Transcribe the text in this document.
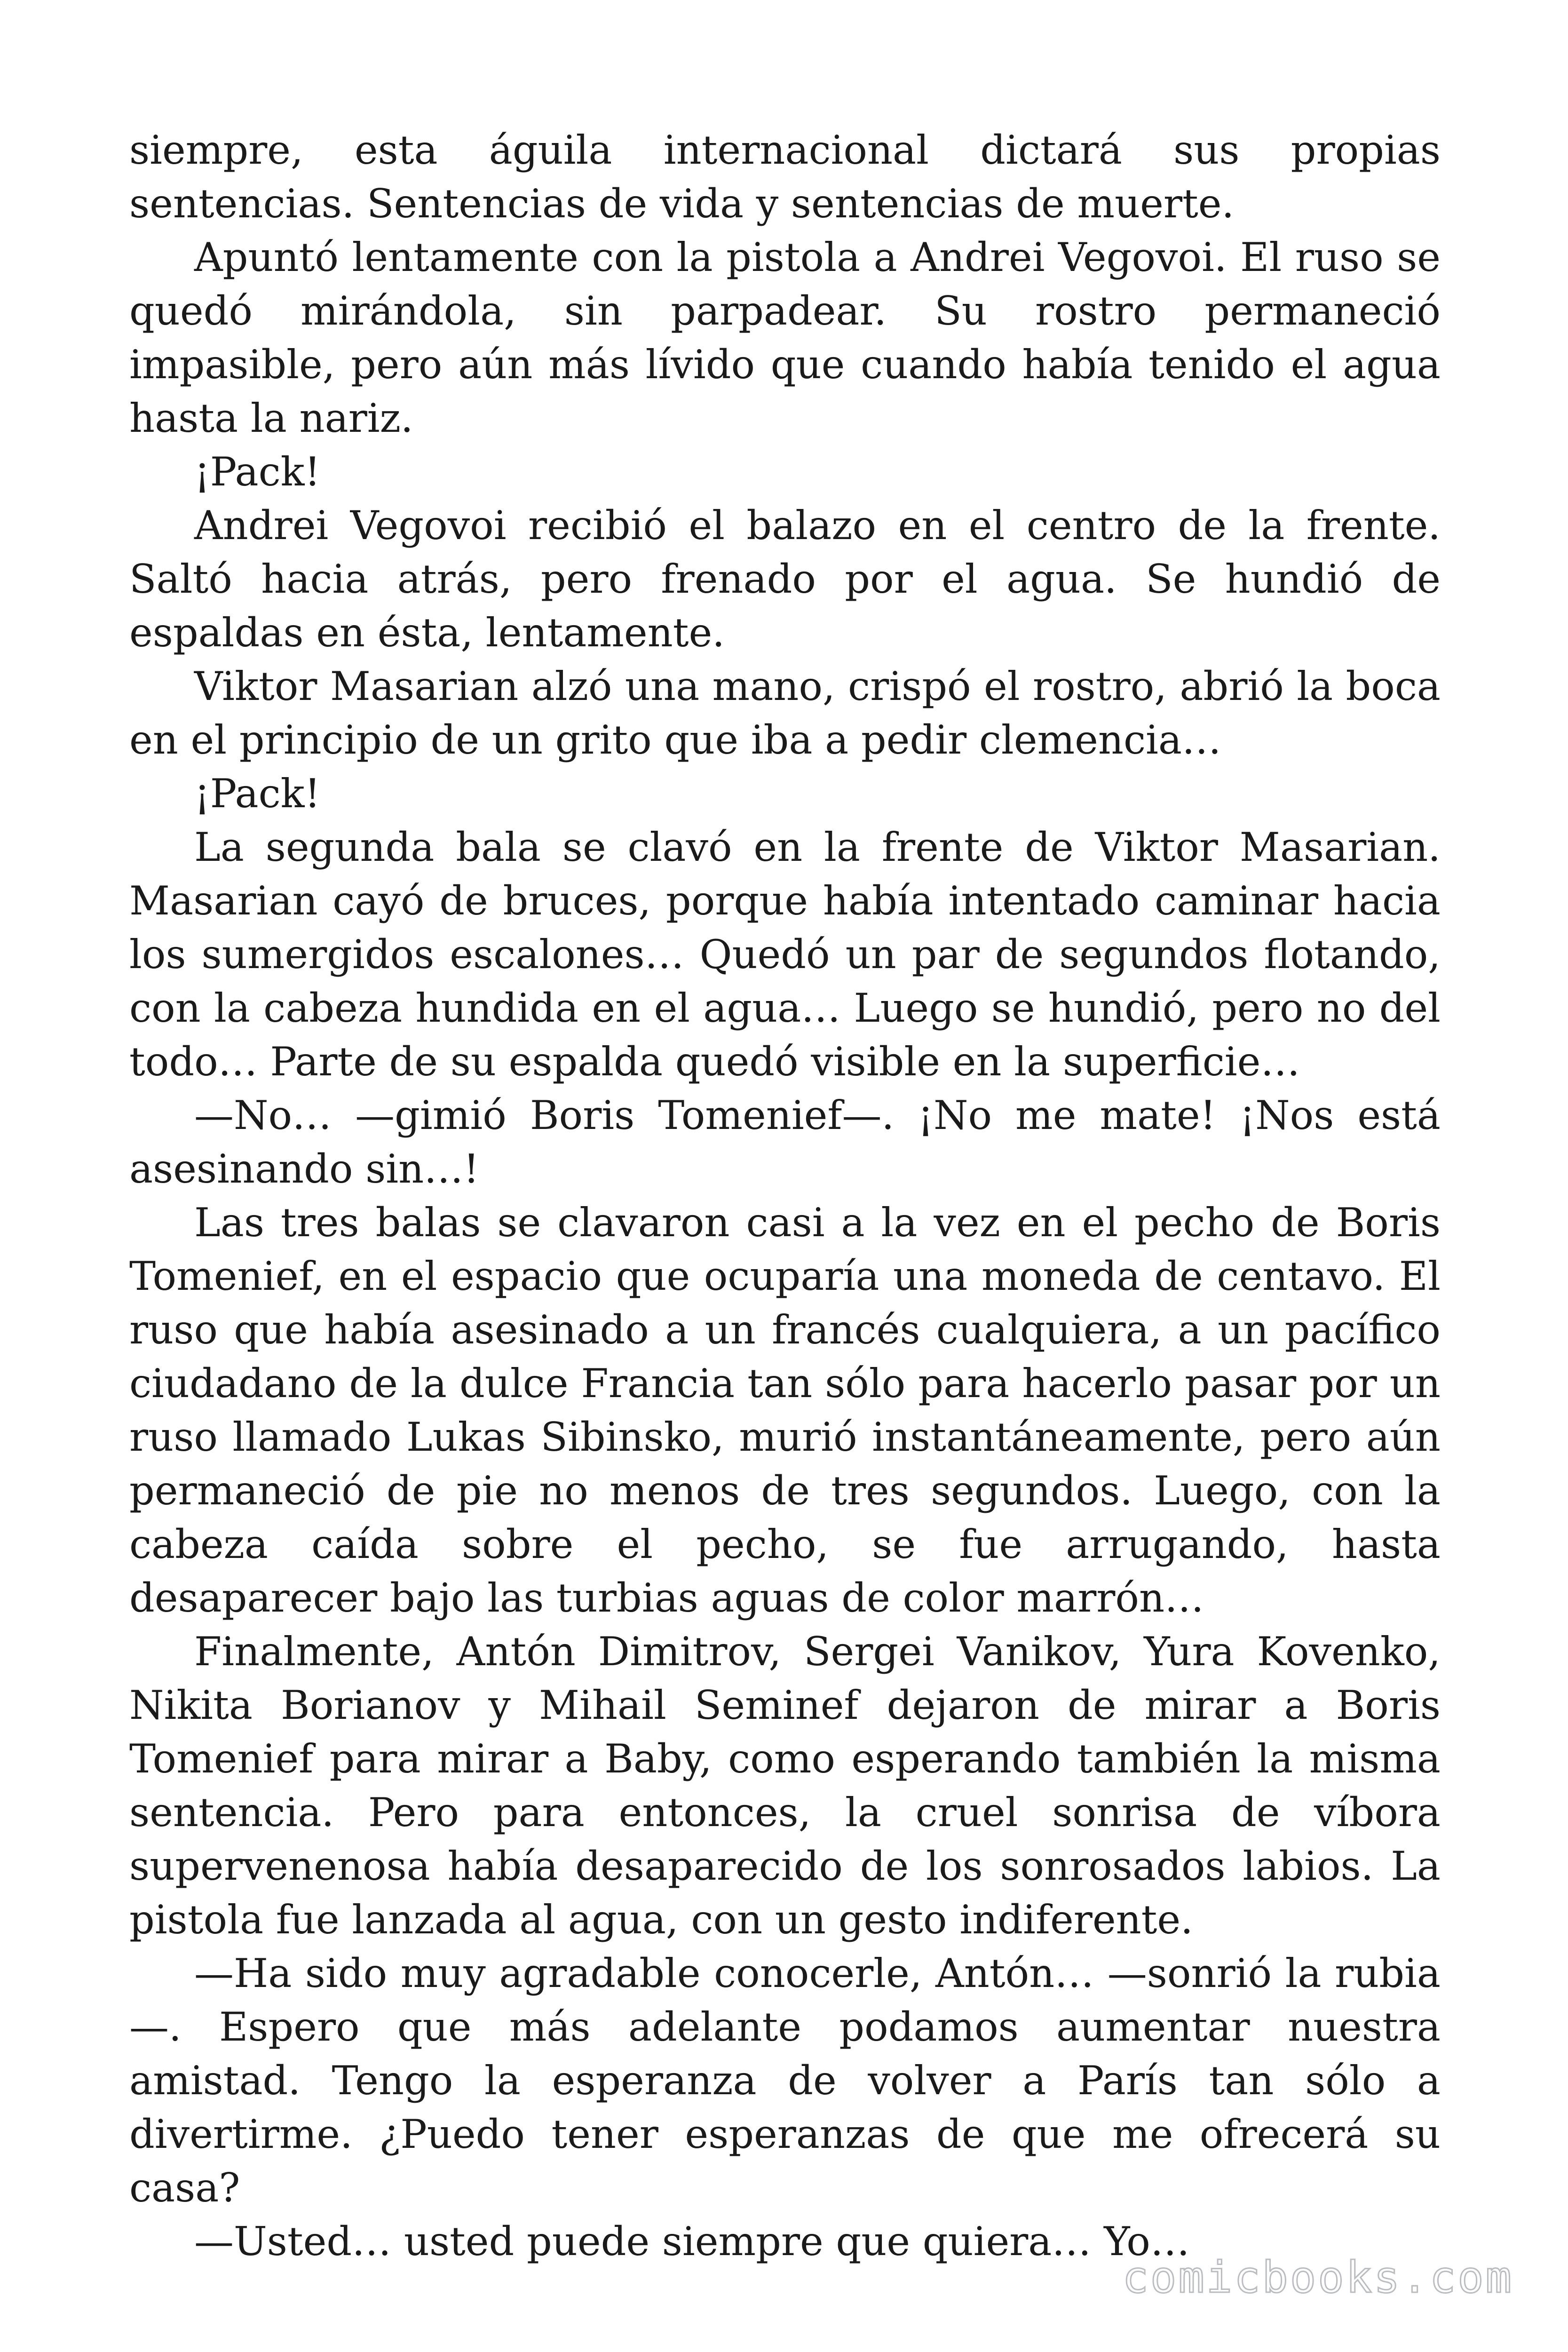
siempre, esta águila internacional dictará sus propias sentencias. Sentencias de vida y sentencias de muerte.

Apuntó lentamente con la pistola a Andrei Vegovoi. El ruso se quedó mirándola, sin parpadear. Su rostro permaneció impasible, pero aún más lívido que cuando había tenido el agua hasta la nariz.

¡Pack!

Andrei Vegovoi recibió el balazo en el centro de la frente. Saltó hacia atrás, pero frenado por el agua. Se hundió de espaldas en ésta, lentamente.

Viktor Masarian alzó una mano, crispó el rostro, abrió la boca en el principio de un grito que iba a pedir clemencia…

¡Pack!

La segunda bala se clavó en la frente de Viktor Masarian. Masarian cayó de bruces, porque había intentado caminar hacia los sumergidos escalones… Quedó un par de segundos flotando, con la cabeza hundida en el agua… Luego se hundió, pero no del todo… Parte de su espalda quedó visible en la superficie…

—No… —gimió Boris Tomenief—. ¡No me mate! ¡Nos está asesinando sin…!

Las tres balas se clavaron casi a la vez en el pecho de Boris Tomenief, en el espacio que ocuparía una moneda de centavo. El ruso que había asesinado a un francés cualquiera, a un pacífico ciudadano de la dulce Francia tan sólo para hacerlo pasar por un ruso llamado Lukas Sibinsko, murió instantáneamente, pero aún permaneció de pie no menos de tres segundos. Luego, con la cabeza caída sobre el pecho, se fue arrugando, hasta desaparecer bajo las turbias aguas de color marrón…

Finalmente, Antón Dimitrov, Sergei Vanikov, Yura Kovenko, Nikita Borianov y Mihail Seminef dejaron de mirar a Boris Tomenief para mirar a Baby, como esperando también la misma sentencia. Pero para entonces, la cruel sonrisa de víbora supervenenosa había desaparecido de los sonrosados labios. La pistola fue lanzada al agua, con un gesto indiferente.

—Ha sido muy agradable conocerle, Antón… —sonrió la rubia —. Espero que más adelante podamos aumentar nuestra amistad. Tengo la esperanza de volver a París tan sólo a divertirme. ¿Puedo tener esperanzas de que me ofrecerá su casa?

—Usted… usted puede siempre que quiera… Yo…

comicbooks.com
